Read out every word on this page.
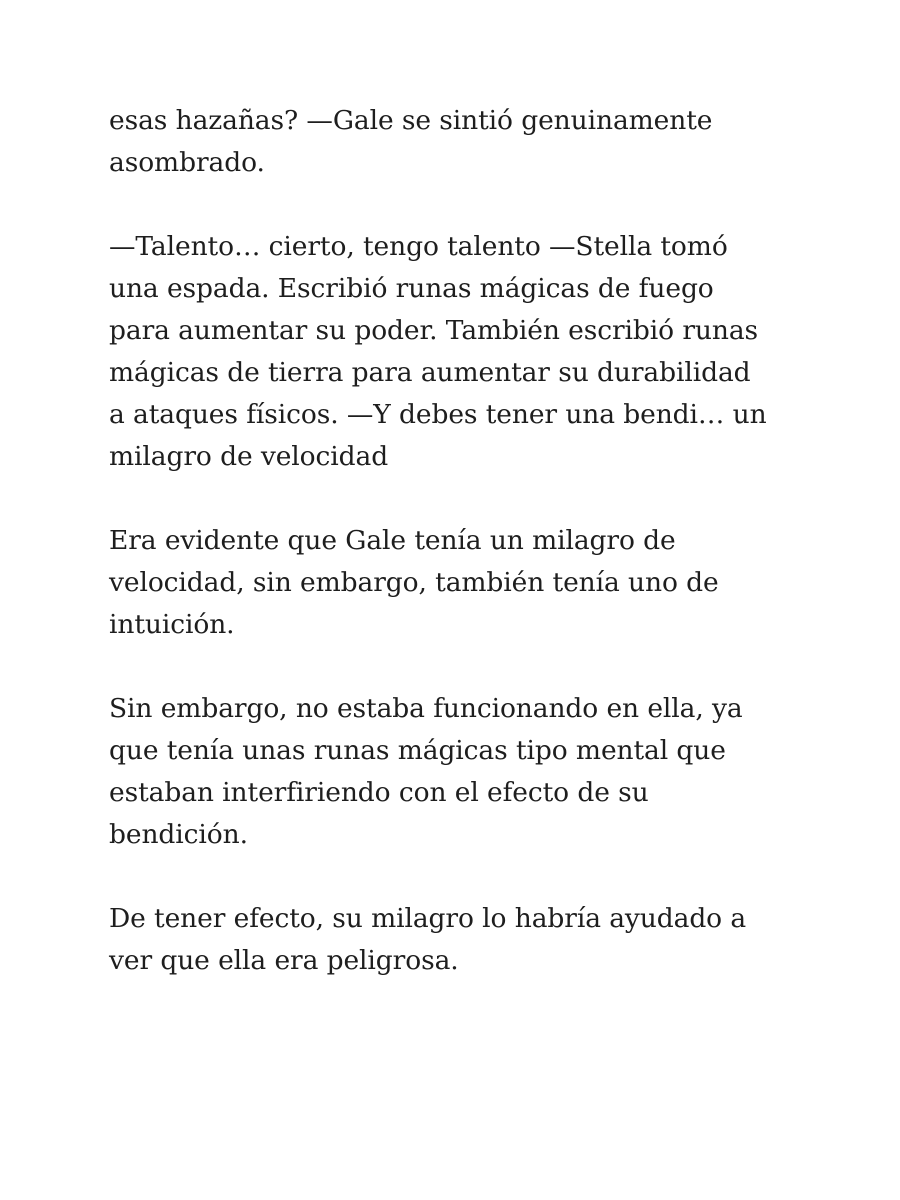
esas hazañas? —Gale se sintió genuinamente
asombrado.

—Talento… cierto, tengo talento —Stella tomó
una espada. Escribió runas mágicas de fuego
para aumentar su poder. También escribió runas
mágicas de tierra para aumentar su durabilidad
a ataques físicos. —Y debes tener una bendi… un
milagro de velocidad

Era evidente que Gale tenía un milagro de
velocidad, sin embargo, también tenía uno de
intuición.

Sin embargo, no estaba funcionando en ella, ya
que tenía unas runas mágicas tipo mental que
estaban interfiriendo con el efecto de su
bendición.

De tener efecto, su milagro lo habría ayudado a
ver que ella era peligrosa.
